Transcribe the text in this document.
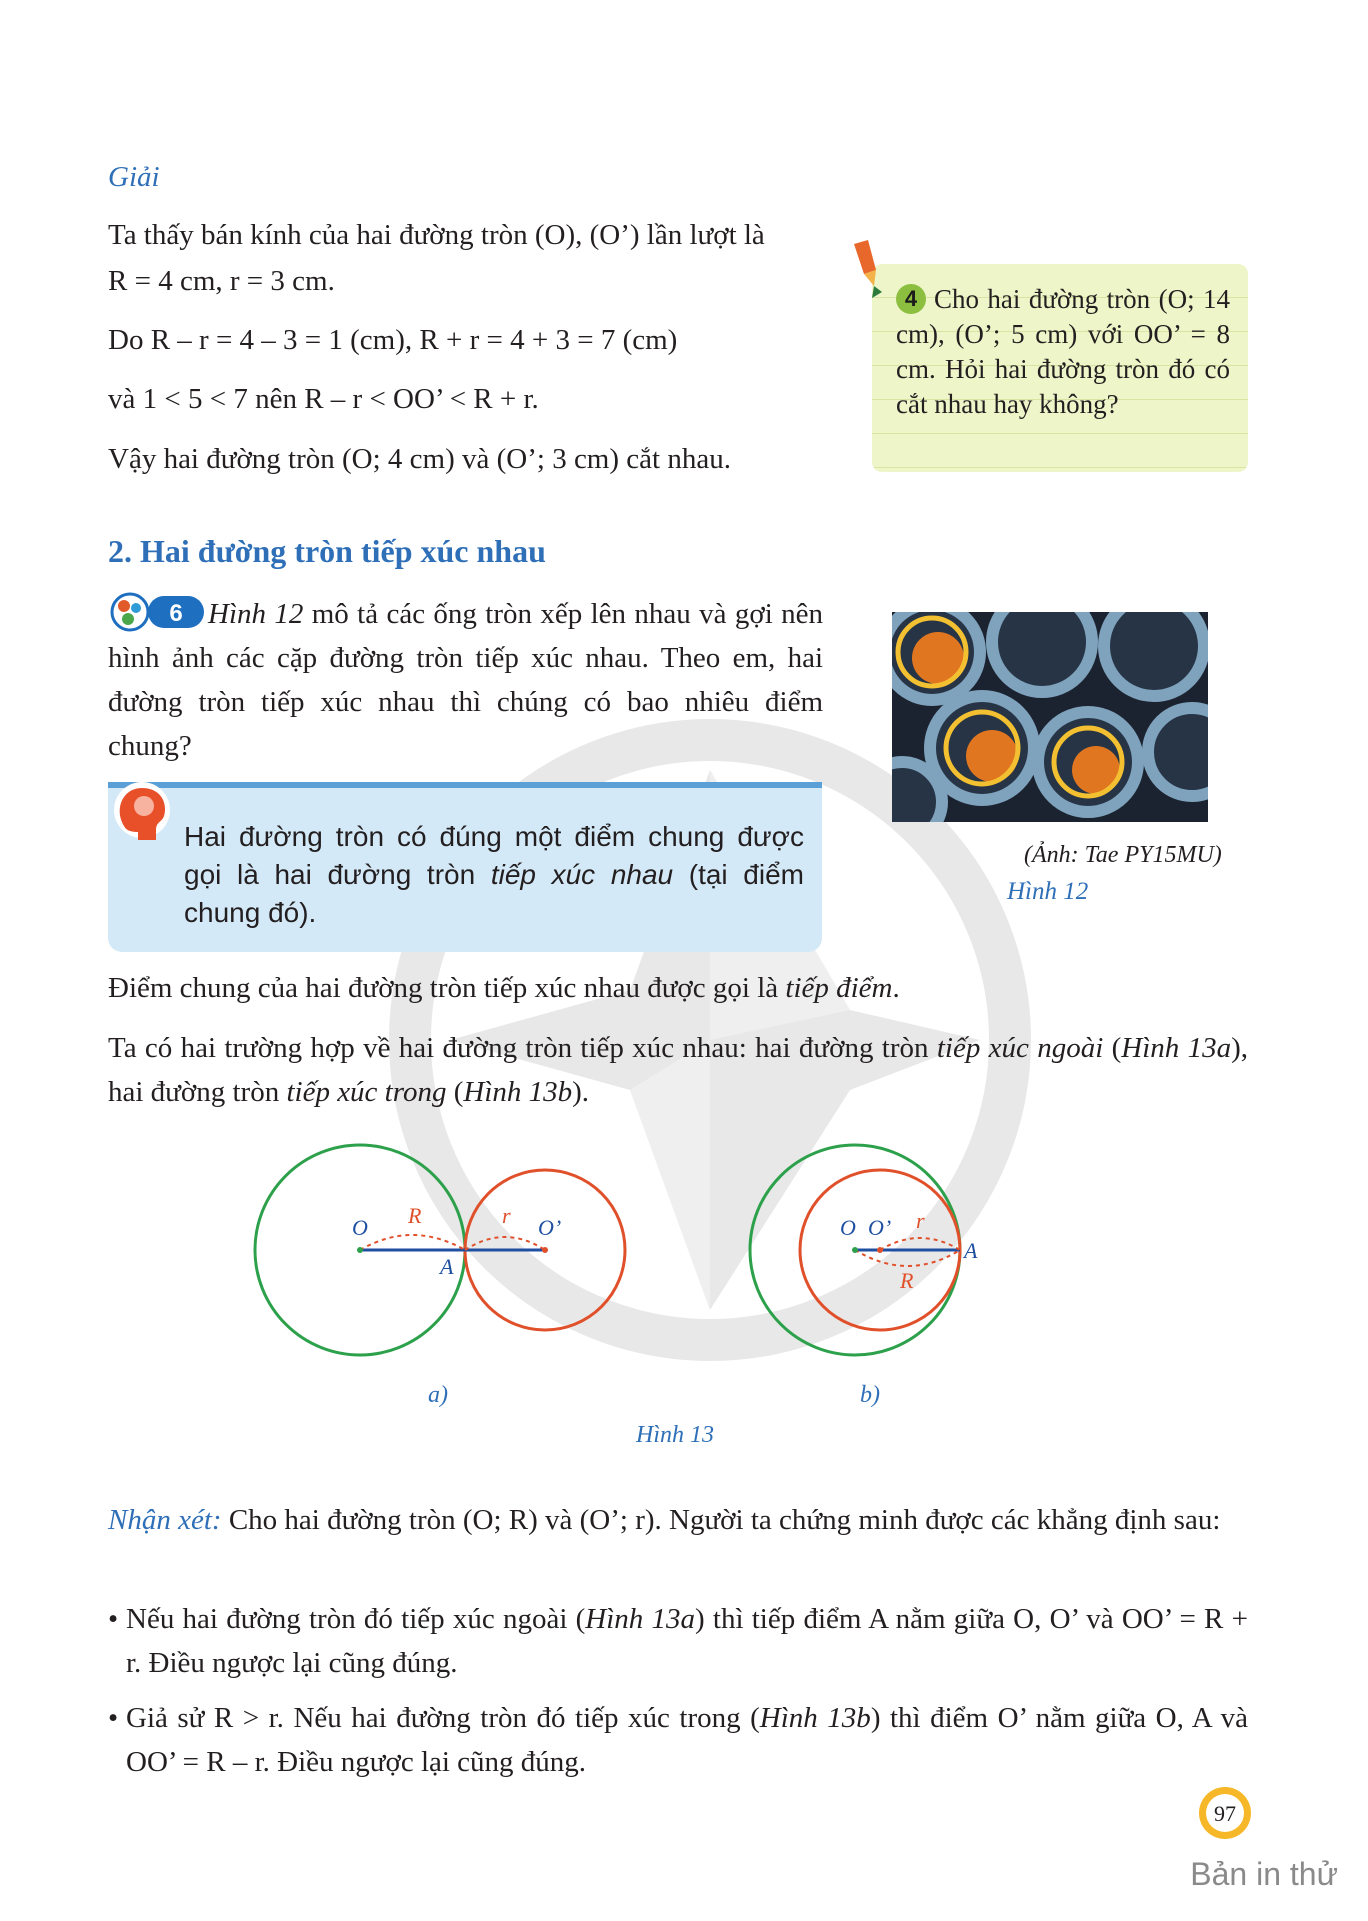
Giải
Ta thấy bán kính của hai đường tròn (O), (O’) lần lượt là
R = 4 cm, r = 3 cm.
Do R – r = 4 – 3 = 1 (cm), R + r = 4 + 3 = 7 (cm)
và 1 < 5 < 7 nên R – r < OO’ < R + r.
Vậy hai đường tròn (O; 4 cm) và (O’; 3 cm) cắt nhau.
4 Cho hai đường tròn (O; 14 cm), (O’; 5 cm) với OO’ = 8 cm. Hỏi hai đường tròn đó có cắt nhau hay không?
2. Hai đường tròn tiếp xúc nhau
6 Hình 12 mô tả các ống tròn xếp lên nhau và gợi nên hình ảnh các cặp đường tròn tiếp xúc nhau. Theo em, hai đường tròn tiếp xúc nhau thì chúng có bao nhiêu điểm chung?
Hai đường tròn có đúng một điểm chung được gọi là hai đường tròn tiếp xúc nhau (tại điểm chung đó).
(Ảnh: Tae PY15MU)
Hình 12
Điểm chung của hai đường tròn tiếp xúc nhau được gọi là tiếp điểm.
Ta có hai trường hợp về hai đường tròn tiếp xúc nhau: hai đường tròn tiếp xúc ngoài (Hình 13a), hai đường tròn tiếp xúc trong (Hình 13b).
O R	r O’
A
a)
O O’ r
A
R
b)
Hình 13
Nhận xét: Cho hai đường tròn (O; R) và (O’; r). Người ta chứng minh được các khẳng định sau:
• Nếu hai đường tròn đó tiếp xúc ngoài (Hình 13a) thì tiếp điểm A nằm giữa O, O’ và OO’ = R + r. Điều ngược lại cũng đúng.
• Giả sử R > r. Nếu hai đường tròn đó tiếp xúc trong (Hình 13b) thì điểm O’ nằm giữa O, A và OO’ = R – r. Điều ngược lại cũng đúng.
97
Bản in thử
